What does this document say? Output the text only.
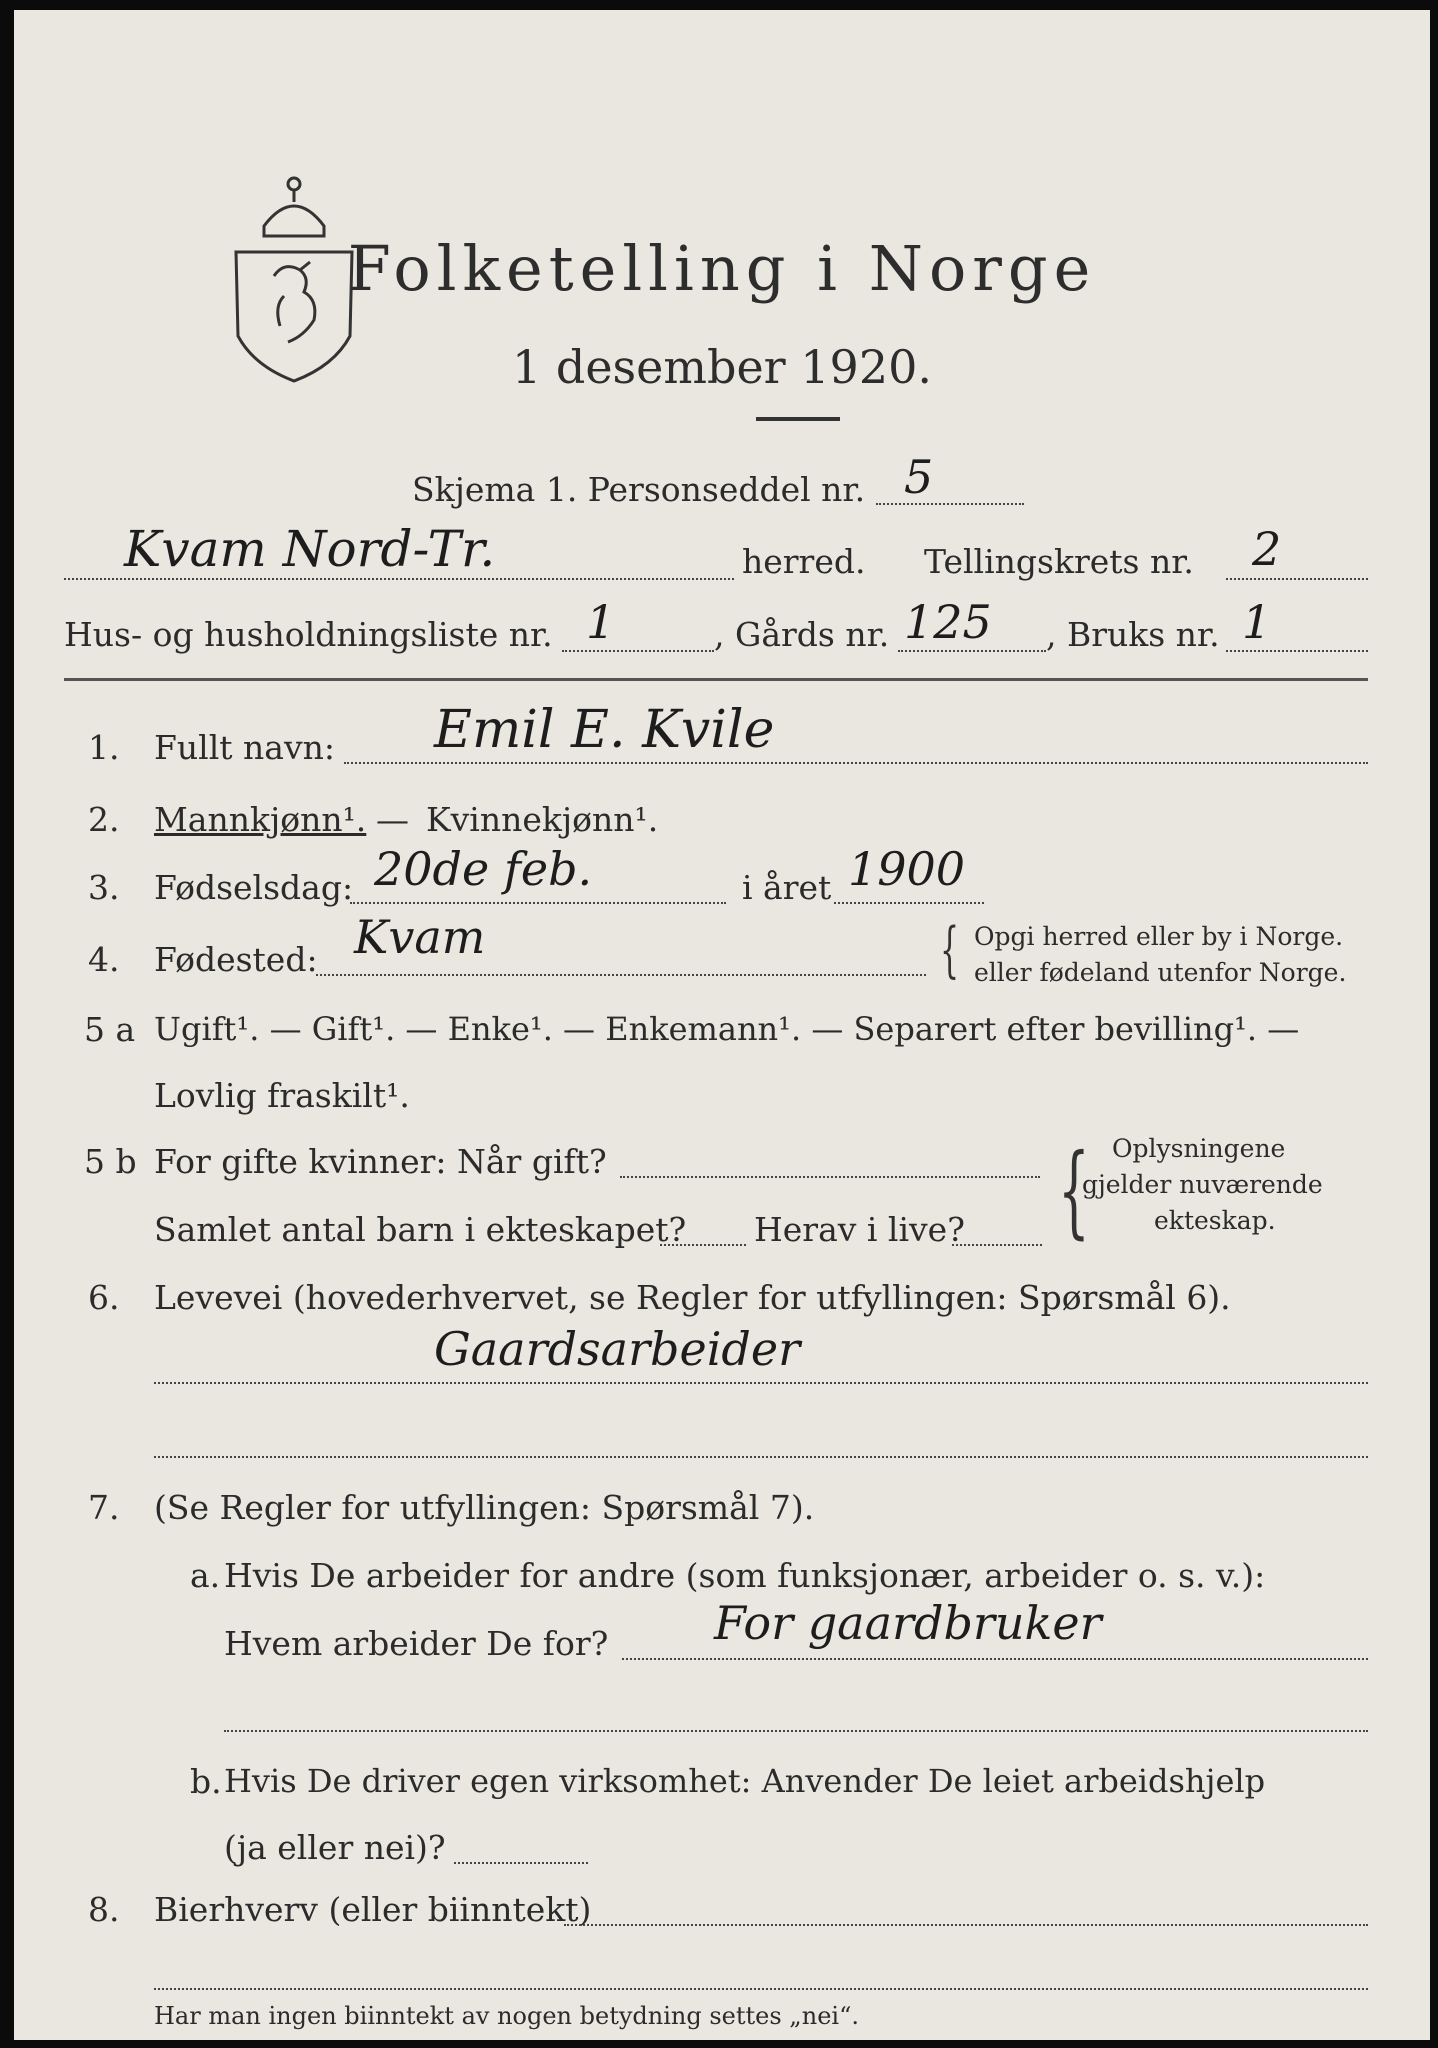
Folketelling i Norge
1 desember 1920.
Skjema 1. Personseddel nr. 5
Kvam Nord-Tr.	herred. Tellingskrets nr. 2
Hus- og husholdningsliste nr. 1	, Gårds nr. 125 , Bruks nr. 1
1. Fullt navn: Emil E. Kvile
2. Mannkjønn¹. — Kvinnekjønn¹.
3. Fødselsdag: 20de feb.	i året 1900
4. Fødested: Kvam	{ Opgi herred eller by i Norge.
eller fødeland utenfor Norge.
5 a Ugift¹. — Gift¹. — Enke¹. — Enkemann¹. — Separert efter bevilling¹. —
Lovlig fraskilt¹.
5 b For gifte kvinner: Når gift?
Samlet antal barn i ekteskapet? Herav i live? { Oplysningene
gjelder nuværende
ekteskap.
6. Levevei (hovederhvervet, se Regler for utfyllingen: Spørsmål 6).
Gaardsarbeider
7. (Se Regler for utfyllingen: Spørsmål 7).
a. Hvis De arbeider for andre (som funksjonær, arbeider o. s. v.):
Hvem arbeider De for? For gaardbruker
b. Hvis De driver egen virksomhet: Anvender De leiet arbeidshjelp
(ja eller nei)?
8. Bierhverv (eller biinntekt)
Har man ingen biinntekt av nogen betydning settes „nei“.
